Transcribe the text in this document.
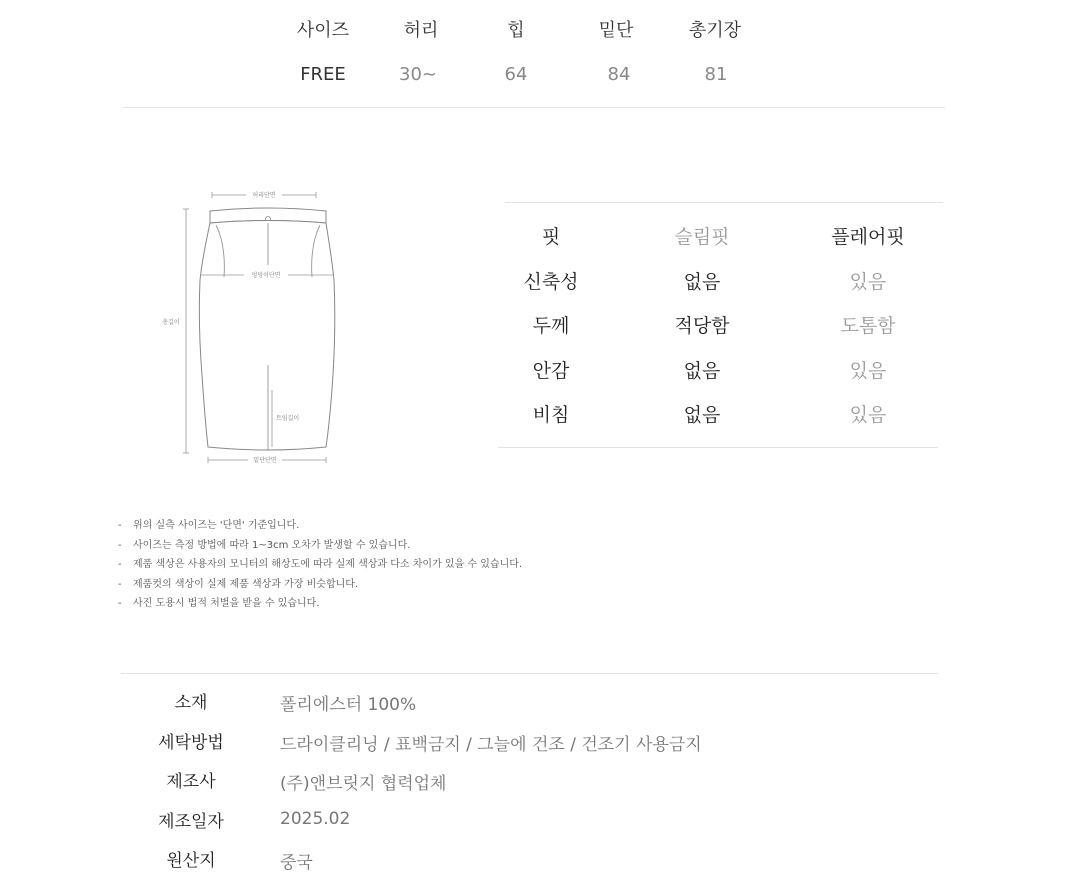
사이즈	허리	힙	밑단	총기장
FREE	30~	64	84	81
허리단면
총길이
엉덩이단면
트임길이
밑단단면
핏	슬림핏	플레어핏
신축성	없음	있음
두께	적당함	도톰함
안감	없음	있음
비침	없음	있음
- 위의 실측 사이즈는 '단면' 기준입니다.
- 사이즈는 측정 방법에 따라 1~3cm 오차가 발생할 수 있습니다.
- 제품 색상은 사용자의 모니터의 해상도에 따라 실제 색상과 다소 차이가 있을 수 있습니다.
- 제품컷의 색상이 실제 제품 색상과 가장 비슷합니다.
- 사진 도용시 법적 처벌을 받을 수 있습니다.
소재	폴리에스터 100%
세탁방법	드라이클리닝 / 표백금지 / 그늘에 건조 / 건조기 사용금지
제조사	(주)앤브릿지 협력업체
제조일자	2025.02
원산지	중국
